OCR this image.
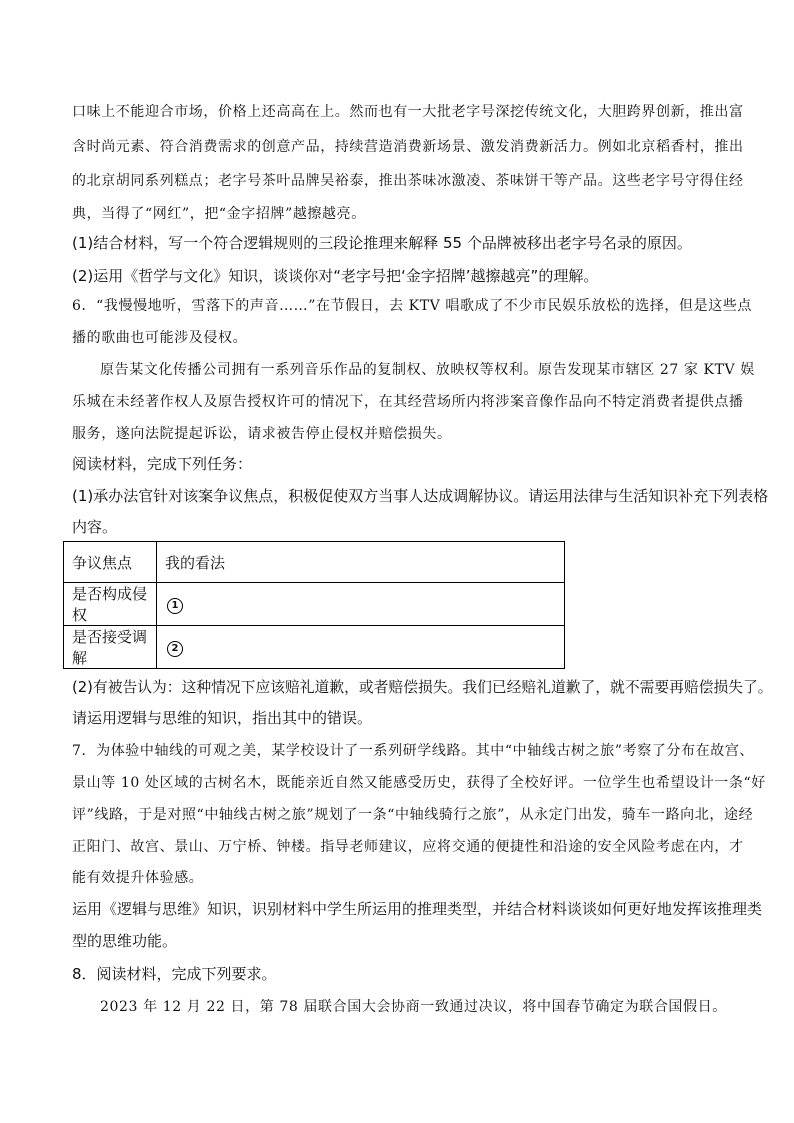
口味上不能迎合市场，价格上还高高在上。然而也有一大批老字号深挖传统文化，大胆跨界创新，推出富
含时尚元素、符合消费需求的创意产品，持续营造消费新场景、激发消费新活力。例如北京稻香村，推出
的北京胡同系列糕点；老字号茶叶品牌吴裕泰，推出茶味冰激凌、茶味饼干等产品。这些老字号守得住经
典，当得了“网红”，把“金字招牌”越擦越亮。
(1)结合材料，写一个符合逻辑规则的三段论推理来解释 55 个品牌被移出老字号名录的原因。
(2)运用《哲学与文化》知识，谈谈你对“老字号把‘金字招牌’越擦越亮”的理解。
6．“我慢慢地听，雪落下的声音……”在节假日，去 KTV 唱歌成了不少市民娱乐放松的选择，但是这些点
播的歌曲也可能涉及侵权。
原告某文化传播公司拥有一系列音乐作品的复制权、放映权等权利。原告发现某市辖区 27 家 KTV 娱
乐城在未经著作权人及原告授权许可的情况下，在其经营场所内将涉案音像作品向不特定消费者提供点播
服务，遂向法院提起诉讼，请求被告停止侵权并赔偿损失。
阅读材料，完成下列任务：
(1)承办法官针对该案争议焦点，积极促使双方当事人达成调解协议。请运用法律与生活知识补充下列表格
内容。
争议焦点	我的看法
是否构成侵权	1
是否接受调解	2
(2)有被告认为：这种情况下应该赔礼道歉，或者赔偿损失。我们已经赔礼道歉了，就不需要再赔偿损失了。
请运用逻辑与思维的知识，指出其中的错误。
7．为体验中轴线的可观之美，某学校设计了一系列研学线路。其中“中轴线古树之旅”考察了分布在故宫、
景山等 10 处区域的古树名木，既能亲近自然又能感受历史，获得了全校好评。一位学生也希望设计一条“好
评”线路，于是对照“中轴线古树之旅”规划了一条“中轴线骑行之旅”，从永定门出发，骑车一路向北，途经
正阳门、故宫、景山、万宁桥、钟楼。指导老师建议，应将交通的便捷性和沿途的安全风险考虑在内，才
能有效提升体验感。
运用《逻辑与思维》知识，识别材料中学生所运用的推理类型，并结合材料谈谈如何更好地发挥该推理类
型的思维功能。
8．阅读材料，完成下列要求。
2023 年 12 月 22 日，第 78 届联合国大会协商一致通过决议，将中国春节确定为联合国假日。
